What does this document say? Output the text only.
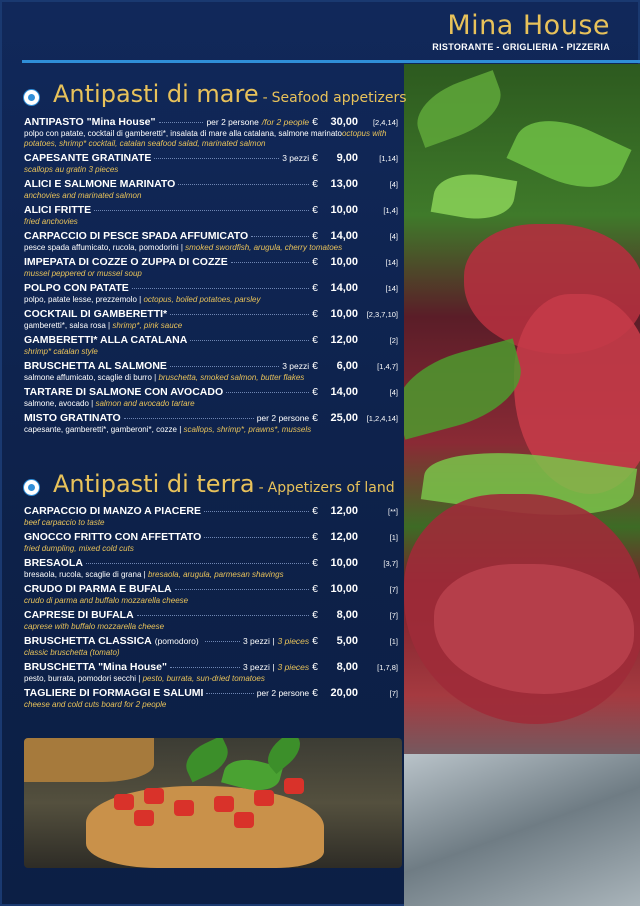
Mina House
RISTORANTE - GRIGLIERIA - PIZZERIA
Antipasti di mare - Seafood appetizers
ANTIPASTO "Mina House"	per 2 persone /for 2 people €	30,00	[2,4,14]
polpo con patate, cocktail di gamberetti*, insalata di mare alla catalana, salmone marinatooctopus with potatoes, shrimp* cocktail, catalan seafood salad, marinated salmon
CAPESANTE GRATINATE	3 pezzi €	9,00	[1,14]
scallops au gratin 3 pieces
ALICI E SALMONE MARINATO	€	13,00	[4]
anchovies and marinated salmon
ALICI FRITTE	€	10,00	[1,4]
fried anchovies
CARPACCIO DI PESCE SPADA AFFUMICATO	€	14,00	[4]
pesce spada affumicato, rucola, pomodorini | smoked swordfish, arugula, cherry tomatoes
IMPEPATA DI COZZE O ZUPPA DI COZZE	€	10,00	[14]
mussel peppered or mussel soup
POLPO CON PATATE	€	14,00	[14]
polpo, patate lesse, prezzemolo | octopus, boiled potatoes, parsley
COCKTAIL DI GAMBERETTI*	€	10,00	[2,3,7,10]
gamberetti*, salsa rosa | shrimp*, pink sauce
GAMBERETTI* ALLA CATALANA	€	12,00	[2]
shrimp* catalan style
BRUSCHETTA AL SALMONE	3 pezzi €	6,00	[1,4,7]
salmone affumicato, scaglie di burro | bruschetta, smoked salmon, butter flakes
TARTARE DI SALMONE CON AVOCADO	€	14,00	[4]
salmone, avocado | salmon and avocado tartare
MISTO GRATINATO	per 2 persone €	25,00	[1,2,4,14]
capesante, gamberetti*, gamberoni*, cozze | scallops, shrimp*, prawns*, mussels
Antipasti di terra - Appetizers of land
CARPACCIO DI MANZO A PIACERE	€	12,00	[**]
beef carpaccio to taste
GNOCCO FRITTO CON AFFETTATO	€	12,00	[1]
fried dumpling, mixed cold cuts
BRESAOLA	€	10,00	[3,7]
bresaola, rucola, scaglie di grana | bresaola, arugula, parmesan shavings
CRUDO DI PARMA E BUFALA	€	10,00	[7]
crudo di parma and buffalo mozzarella cheese
CAPRESE DI BUFALA	€	8,00	[7]
caprese with buffalo mozzarella cheese
BRUSCHETTA CLASSICA (pomodoro)	3 pezzi | 3 pieces €	5,00	[1]
classic bruschetta (tomato)
BRUSCHETTA "Mina House"	3 pezzi | 3 pieces €	8,00	[1,7,8]
pesto, burrata, pomodori secchi | pesto, burrata, sun-dried tomatoes
TAGLIERE DI FORMAGGI E SALUMI	per 2 persone €	20,00	[7]
cheese and cold cuts board for 2 people
